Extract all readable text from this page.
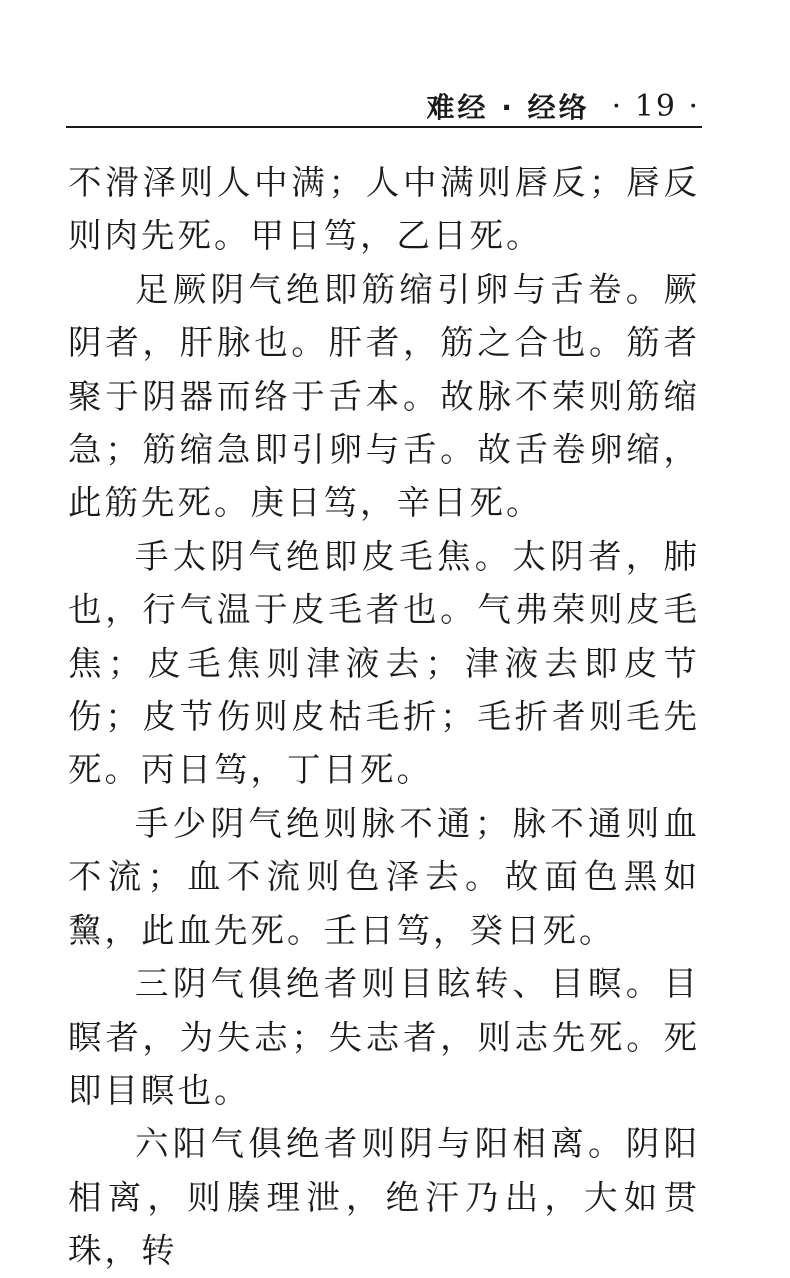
难经 · 经络 · 19 ·

不滑泽则人中满；人中满则唇反；唇反则肉先死。甲日笃，乙日死。

足厥阴气绝即筋缩引卵与舌卷。厥阴者，肝脉也。肝者，筋之合也。筋者聚于阴器而络于舌本。故脉不荣则筋缩急；筋缩急即引卵与舌。故舌卷卵缩，此筋先死。庚日笃，辛日死。

手太阴气绝即皮毛焦。太阴者，肺也，行气温于皮毛者也。气弗荣则皮毛焦；皮毛焦则津液去；津液去即皮节伤；皮节伤则皮枯毛折；毛折者则毛先死。丙日笃，丁日死。

手少阴气绝则脉不通；脉不通则血不流；血不流则色泽去。故面色黑如黧，此血先死。壬日笃，癸日死。

三阴气俱绝者则目眩转、目瞑。目瞑者，为失志；失志者，则志先死。死即目瞑也。

六阳气俱绝者则阴与阳相离。阴阳相离，则腠理泄，绝汗乃出，大如贯珠，转
